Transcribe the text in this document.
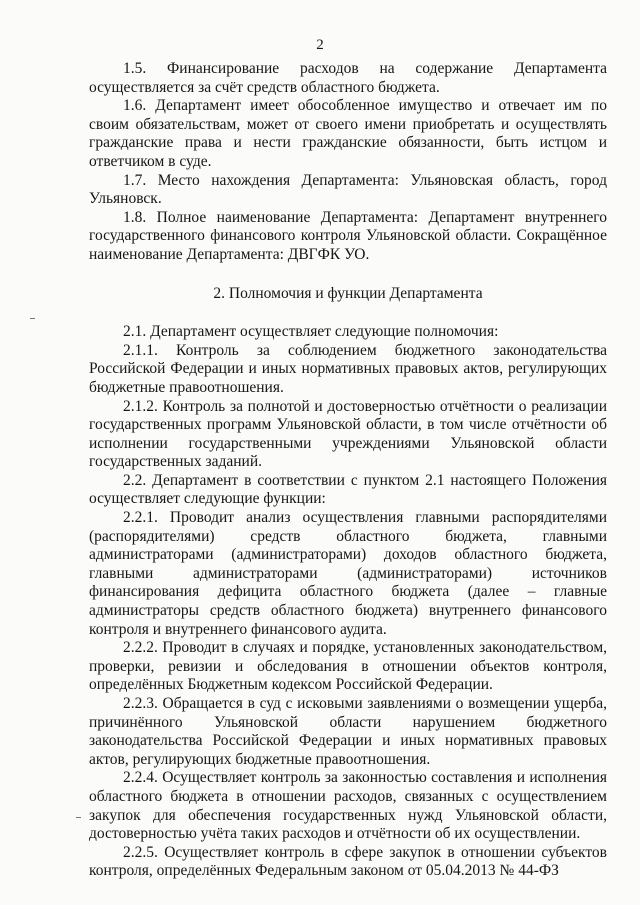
2

1.5. Финансирование расходов на содержание Департамента осуществляется за счёт средств областного бюджета.

1.6. Департамент имеет обособленное имущество и отвечает им по своим обязательствам, может от своего имени приобретать и осуществлять гражданские права и нести гражданские обязанности, быть истцом и ответчиком в суде.

1.7. Место нахождения Департамента: Ульяновская область, город Ульяновск.

1.8. Полное наименование Департамента: Департамент внутреннего государственного финансового контроля Ульяновской области. Сокращённое наименование Департамента: ДВГФК УО.

2. Полномочия и функции Департамента

2.1. Департамент осуществляет следующие полномочия:

2.1.1. Контроль за соблюдением бюджетного законодательства Российской Федерации и иных нормативных правовых актов, регулирующих бюджетные правоотношения.

2.1.2. Контроль за полнотой и достоверностью отчётности о реализации государственных программ Ульяновской области, в том числе отчётности об исполнении государственными учреждениями Ульяновской области государственных заданий.

2.2. Департамент в соответствии с пунктом 2.1 настоящего Положения осуществляет следующие функции:

2.2.1. Проводит анализ осуществления главными распорядителями (распорядителями) средств областного бюджета, главными администраторами (администраторами) доходов областного бюджета, главными администраторами (администраторами) источников финансирования дефицита областного бюджета (далее – главные администраторы средств областного бюджета) внутреннего финансового контроля и внутреннего финансового аудита.

2.2.2. Проводит в случаях и порядке, установленных законодательством, проверки, ревизии и обследования в отношении объектов контроля, определённых Бюджетным кодексом Российской Федерации.

2.2.3. Обращается в суд с исковыми заявлениями о возмещении ущерба, причинённого Ульяновской области нарушением бюджетного законодательства Российской Федерации и иных нормативных правовых актов, регулирующих бюджетные правоотношения.

2.2.4. Осуществляет контроль за законностью составления и исполнения областного бюджета в отношении расходов, связанных с осуществлением закупок для обеспечения государственных нужд Ульяновской области, достоверностью учёта таких расходов и отчётности об их осуществлении.

2.2.5. Осуществляет контроль в сфере закупок в отношении субъектов контроля, определённых Федеральным законом от 05.04.2013 № 44-ФЗ
